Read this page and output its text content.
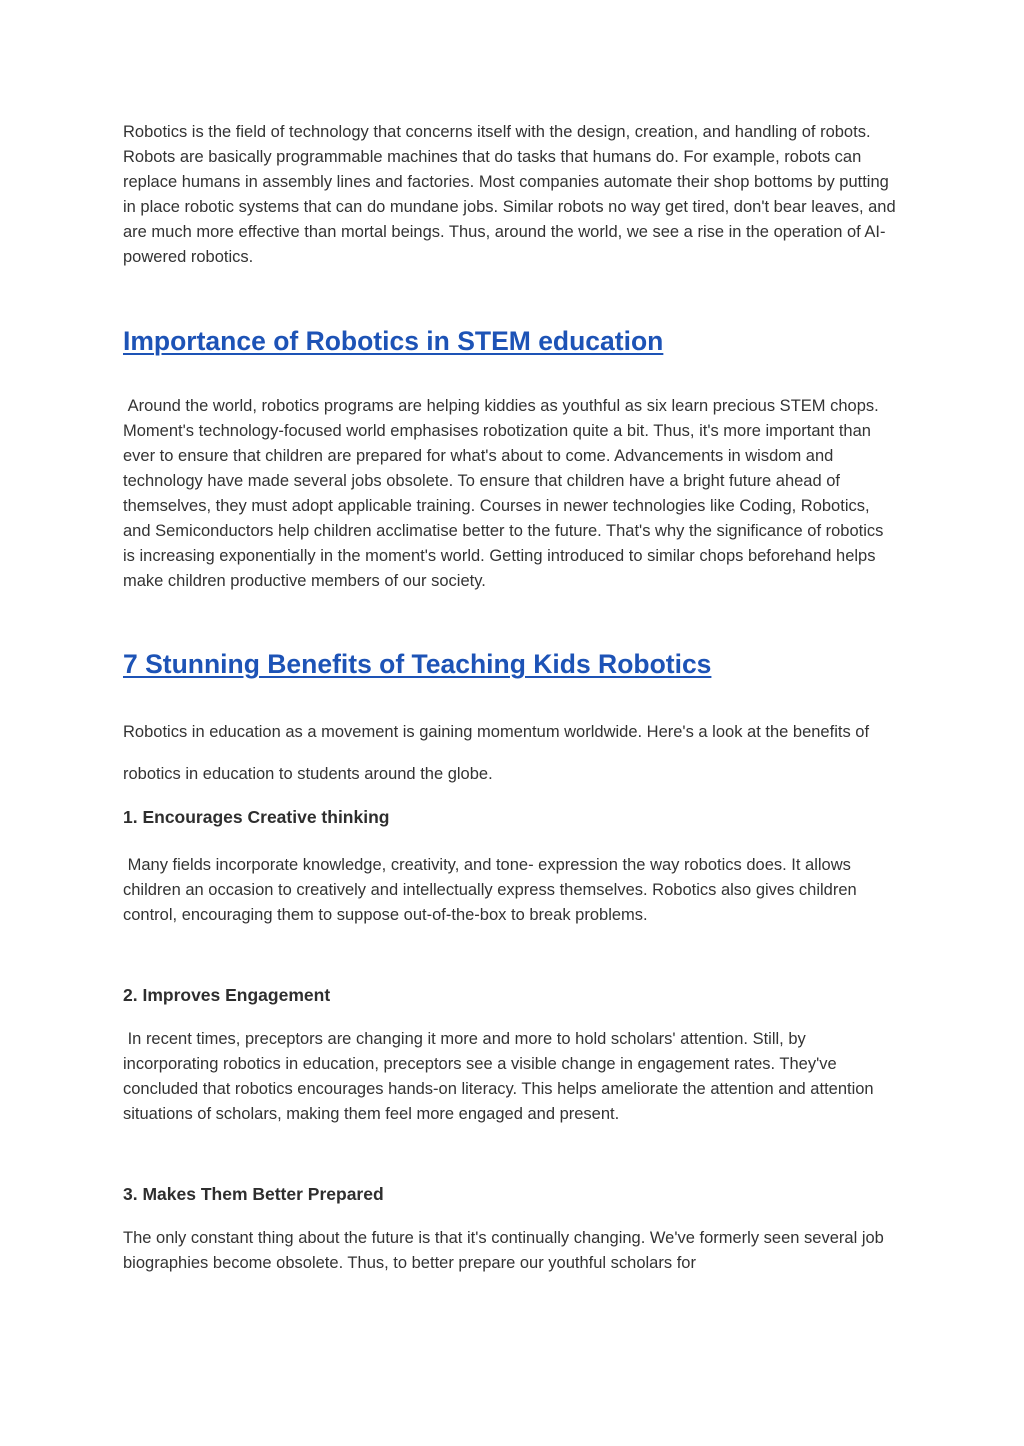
Robotics is the field of technology that concerns itself with the design, creation, and handling of robots. Robots are basically programmable machines that do tasks that humans do. For example, robots can replace humans in assembly lines and factories. Most companies automate their shop bottoms by putting in place robotic systems that can do mundane jobs. Similar robots no way get tired, don't bear leaves, and are much more effective than mortal beings. Thus, around the world, we see a rise in the operation of AI-powered robotics.

Importance of Robotics in STEM education

Around the world, robotics programs are helping kiddies as youthful as six learn precious STEM chops. Moment's technology-focused world emphasises robotization quite a bit. Thus, it's more important than ever to ensure that children are prepared for what's about to come. Advancements in wisdom and technology have made several jobs obsolete. To ensure that children have a bright future ahead of themselves, they must adopt applicable training. Courses in newer technologies like Coding, Robotics, and Semiconductors help children acclimatise better to the future. That's why the significance of robotics is increasing exponentially in the moment's world. Getting introduced to similar chops beforehand helps make children productive members of our society.

7 Stunning Benefits of Teaching Kids Robotics

Robotics in education as a movement is gaining momentum worldwide. Here's a look at the benefits of robotics in education to students around the globe.

1. Encourages Creative thinking

Many fields incorporate knowledge, creativity, and tone- expression the way robotics does. It allows children an occasion to creatively and intellectually express themselves. Robotics also gives children control, encouraging them to suppose out-of-the-box to break problems.

2. Improves Engagement

In recent times, preceptors are changing it more and more to hold scholars' attention. Still, by incorporating robotics in education, preceptors see a visible change in engagement rates. They've concluded that robotics encourages hands-on literacy. This helps ameliorate the attention and attention situations of scholars, making them feel more engaged and present.

3. Makes Them Better Prepared

The only constant thing about the future is that it's continually changing. We've formerly seen several job biographies become obsolete. Thus, to better prepare our youthful scholars for
